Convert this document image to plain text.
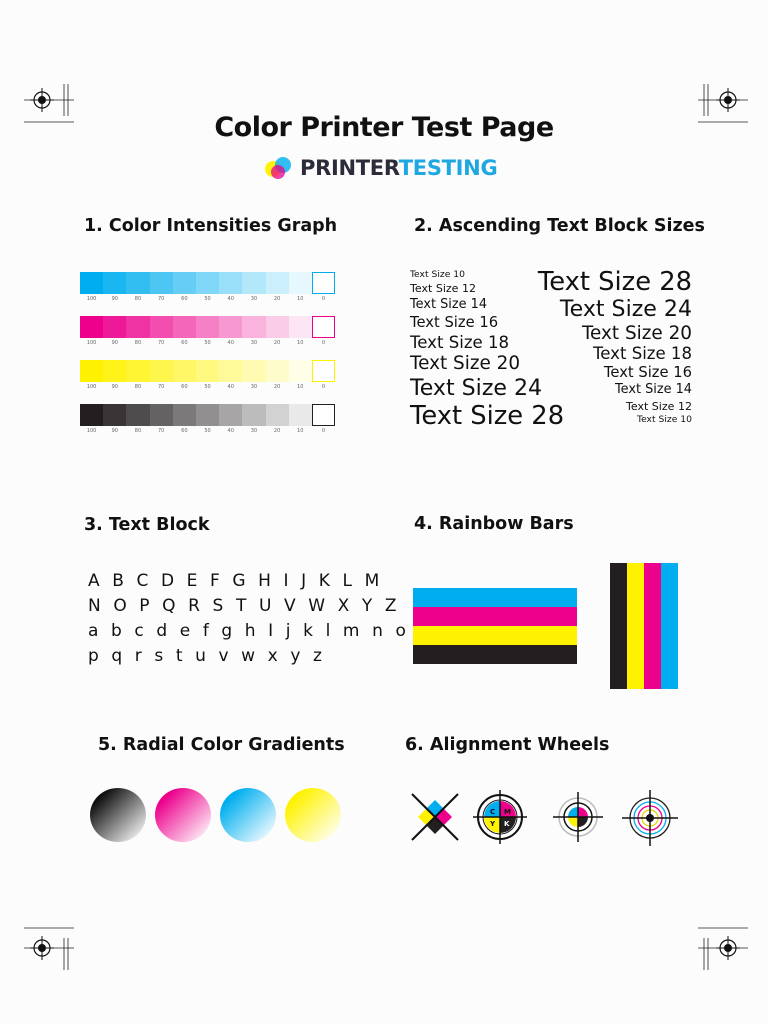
Color Printer Test Page
PRINTERTESTING
1. Color Intensities Graph	2. Ascending Text Block Sizes
3. Text Block	4. Rainbow Bars
5. Radial Color Gradients	6. Alignment Wheels
100	90	80	70	60	50	40	30	20	10	0
100	90	80	70	60	50	40	30	20	10	0
100	90	80	70	60	50	40	30	20	10	0
100	90	80	70	60	50	40	30	20	10	0
Text Size 10
Text Size 12
Text Size 14
Text Size 16
Text Size 18
Text Size 20
Text Size 24
Text Size 28
Text Size 28
Text Size 24
Text Size 20
Text Size 18
Text Size 16
Text Size 14
Text Size 12
Text Size 10
A B C D E F G H I J K L M
N O P Q R S T U V W X Y Z
a b c d e f g h I j k l m n o
p q r s t u v w x y z
C M
Y K
